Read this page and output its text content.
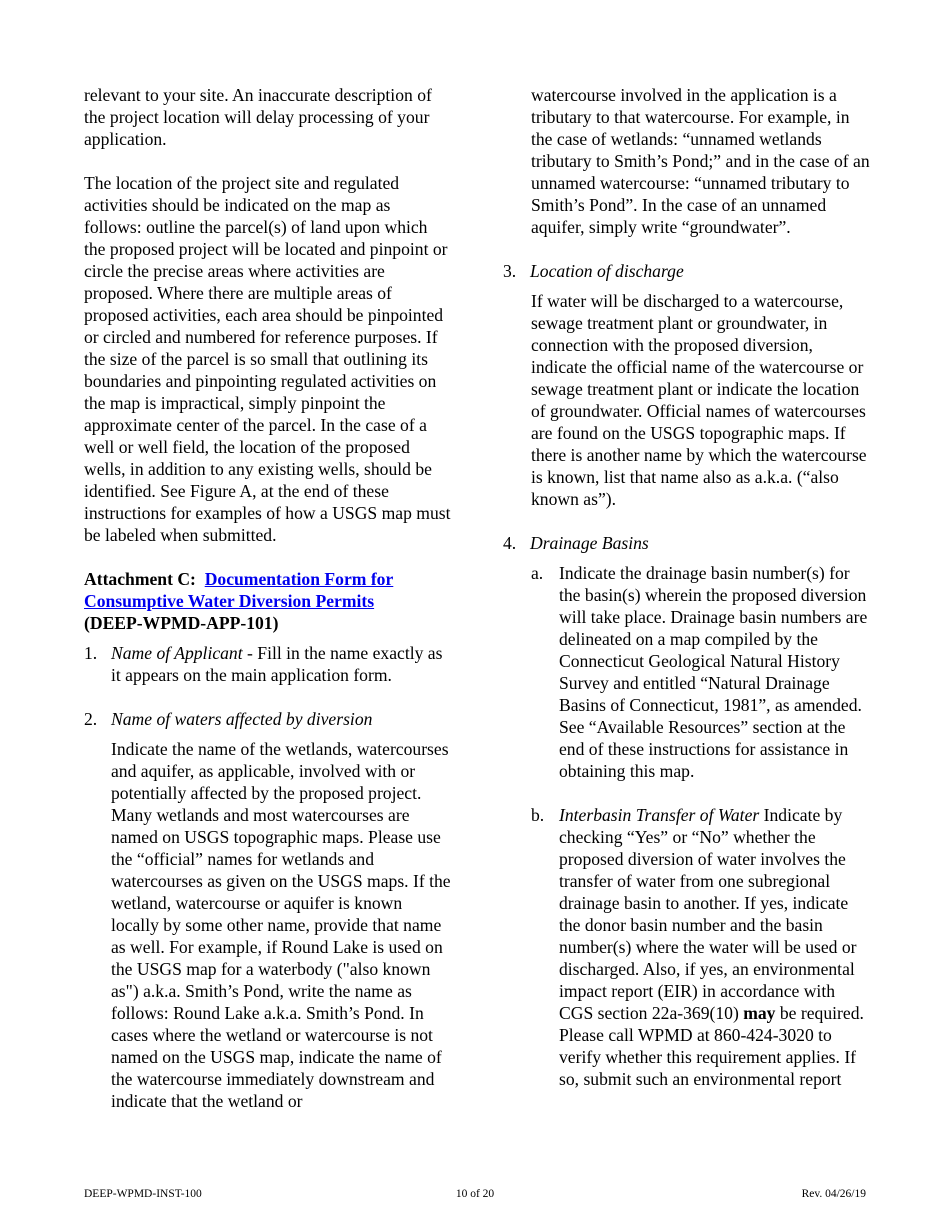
relevant to your site. An inaccurate description of the project location will delay processing of your application.

The location of the project site and regulated activities should be indicated on the map as follows: outline the parcel(s) of land upon which the proposed project will be located and pinpoint or circle the precise areas where activities are proposed. Where there are multiple areas of proposed activities, each area should be pinpointed or circled and numbered for reference purposes. If the size of the parcel is so small that outlining its boundaries and pinpointing regulated activities on the map is impractical, simply pinpoint the approximate center of the parcel. In the case of a well or well field, the location of the proposed wells, in addition to any existing wells, should be identified. See Figure A, at the end of these instructions for examples of how a USGS map must be labeled when submitted.

Attachment C: Documentation Form for Consumptive Water Diversion Permits
(DEEP-WPMD-APP-101)

1. Name of Applicant - Fill in the name exactly as it appears on the main application form.

2. Name of waters affected by diversion

Indicate the name of the wetlands, watercourses and aquifer, as applicable, involved with or potentially affected by the proposed project. Many wetlands and most watercourses are named on USGS topographic maps. Please use the “official” names for wetlands and watercourses as given on the USGS maps. If the wetland, watercourse or aquifer is known locally by some other name, provide that name as well. For example, if Round Lake is used on the USGS map for a waterbody ("also known as") a.k.a. Smith’s Pond, write the name as follows: Round Lake a.k.a. Smith’s Pond. In cases where the wetland or watercourse is not named on the USGS map, indicate the name of the watercourse immediately downstream and indicate that the wetland or

watercourse involved in the application is a tributary to that watercourse. For example, in the case of wetlands: “unnamed wetlands tributary to Smith’s Pond;” and in the case of an unnamed watercourse: “unnamed tributary to Smith’s Pond”. In the case of an unnamed aquifer, simply write “groundwater”.

3. Location of discharge

If water will be discharged to a watercourse, sewage treatment plant or groundwater, in connection with the proposed diversion, indicate the official name of the watercourse or sewage treatment plant or indicate the location of groundwater. Official names of watercourses are found on the USGS topographic maps. If there is another name by which the watercourse is known, list that name also as a.k.a. (“also known as”).

4. Drainage Basins

a. Indicate the drainage basin number(s) for the basin(s) wherein the proposed diversion will take place. Drainage basin numbers are delineated on a map compiled by the Connecticut Geological Natural History Survey and entitled “Natural Drainage Basins of Connecticut, 1981”, as amended. See “Available Resources” section at the end of these instructions for assistance in obtaining this map.

b. Interbasin Transfer of Water Indicate by checking “Yes” or “No” whether the proposed diversion of water involves the transfer of water from one subregional drainage basin to another. If yes, indicate the donor basin number and the basin number(s) where the water will be used or discharged. Also, if yes, an environmental impact report (EIR) in accordance with CGS section 22a-369(10) may be required. Please call WPMD at 860-424-3020 to verify whether this requirement applies. If so, submit such an environmental report

DEEP-WPMD-INST-100	10 of 20	Rev. 04/26/19
